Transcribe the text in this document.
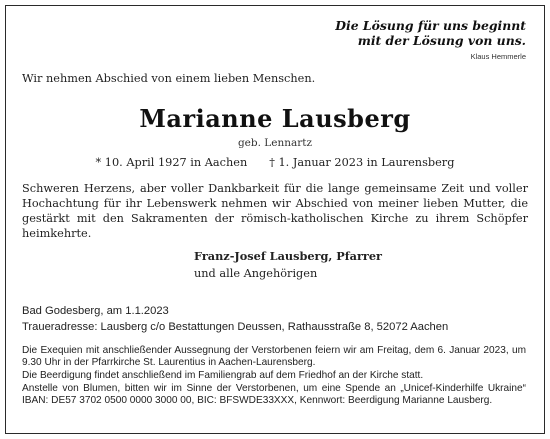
Die Lösung für uns beginnt
mit der Lösung von uns.
Klaus Hemmerle
Wir nehmen Abschied von einem lieben Menschen.
Marianne Lausberg
geb. Lennartz
* 10. April 1927 in Aachen † 1. Januar 2023 in Laurensberg
Schweren Herzens, aber voller Dankbarkeit für die lange gemeinsame Zeit und voller Hochachtung für ihr Lebenswerk nehmen wir Abschied von meiner lieben Mutter, die gestärkt mit den Sakramenten der römisch-katholischen Kirche zu ihrem Schöpfer heimkehrte.
Franz-Josef Lausberg, Pfarrer
und alle Angehörigen
Bad Godesberg, am 1.1.2023
Traueradresse: Lausberg c/o Bestattungen Deussen, Rathausstraße 8, 52072 Aachen

Die Exequien mit anschließender Aussegnung der Verstorbenen feiern wir am Freitag, dem 6. Januar 2023, um 9.30 Uhr in der Pfarrkirche St. Laurentius in Aachen-Laurensberg.

Die Beerdigung findet anschließend im Familiengrab auf dem Friedhof an der Kirche statt.

Anstelle von Blumen, bitten wir im Sinne der Verstorbenen, um eine Spende an „Unicef-Kinderhilfe Ukraine“ IBAN: DE57 3702 0500 0000 3000 00, BIC: BFSWDE33XXX, Kennwort: Beerdigung Marianne Lausberg.
